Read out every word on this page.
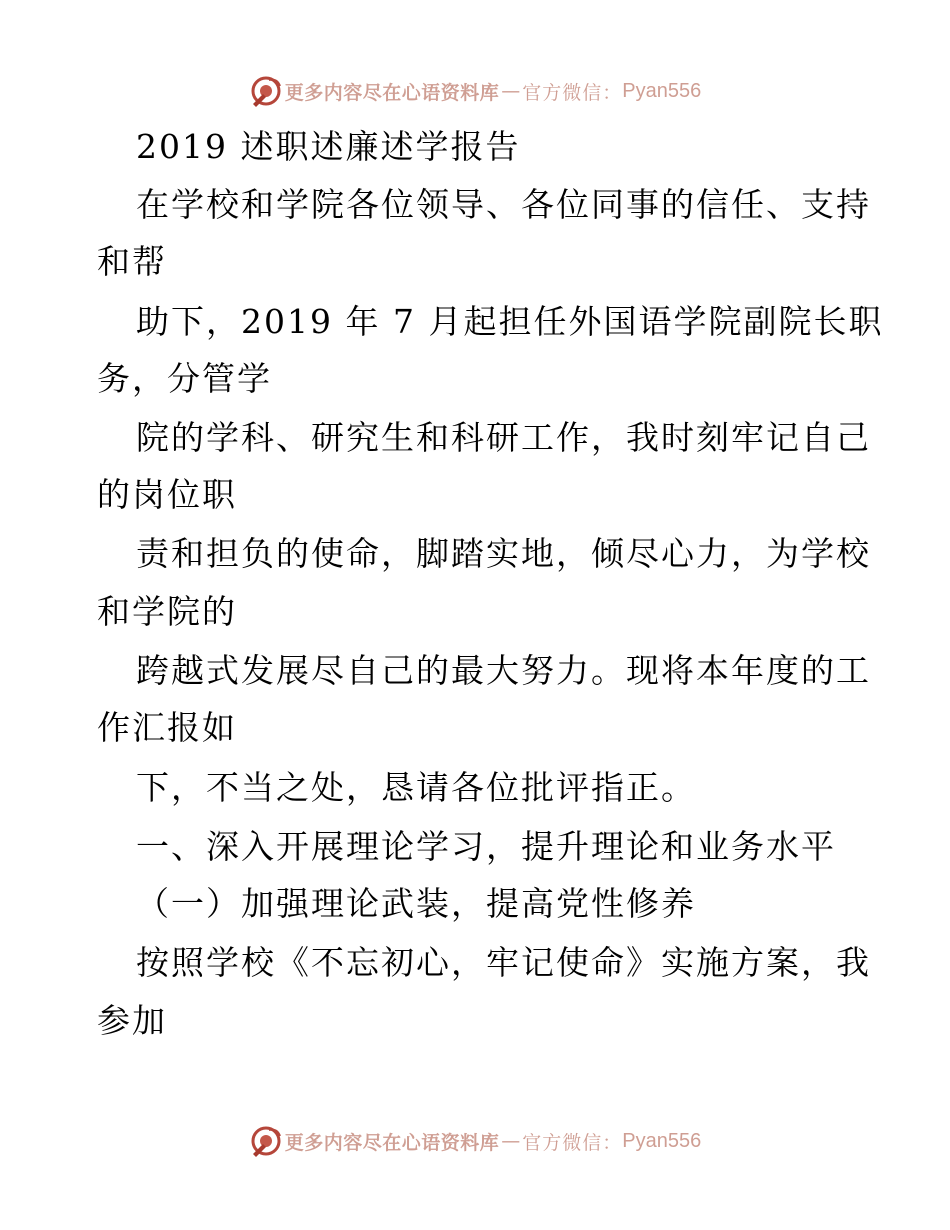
更多内容尽在心语资料库 — 官方微信： Pyan556
2019 述职述廉述学报告
在学校和学院各位领导、各位同事的信任、支持
和帮
助下，2019 年 7 月起担任外国语学院副院长职
务，分管学
院的学科、研究生和科研工作，我时刻牢记自己
的岗位职
责和担负的使命，脚踏实地，倾尽心力，为学校
和学院的
跨越式发展尽自己的最大努力。现将本年度的工
作汇报如
下，不当之处，恳请各位批评指正。
一、深入开展理论学习，提升理论和业务水平
（一）加强理论武装，提高党性修养
按照学校《不忘初心，牢记使命》实施方案，我
参加
更多内容尽在心语资料库 — 官方微信： Pyan556
